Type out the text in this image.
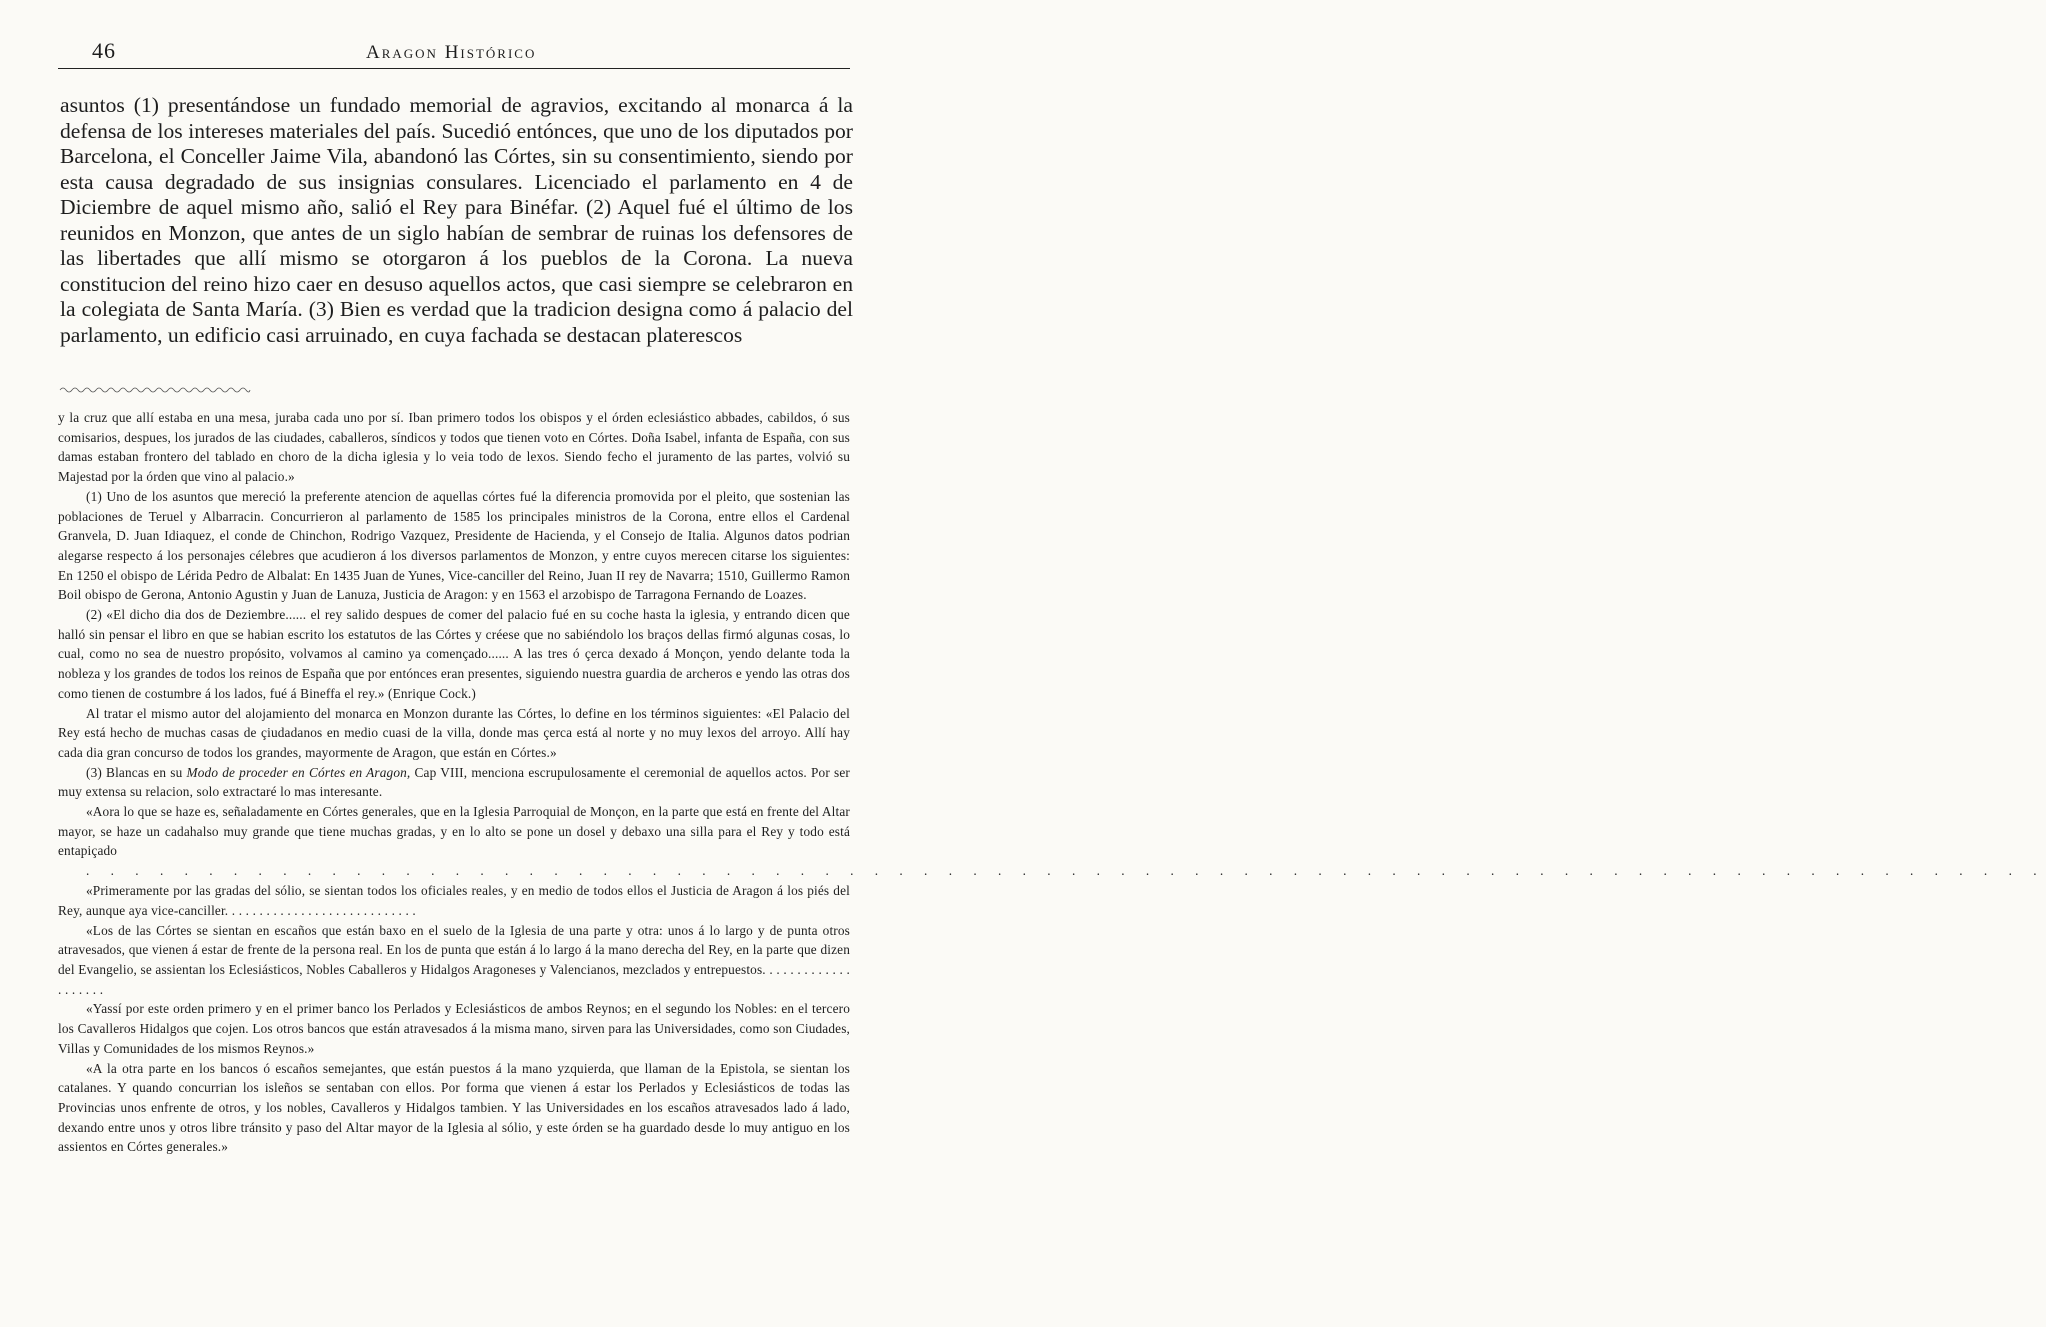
46	Aragon Histórico

asuntos (1) presentándose un fundado memorial de agravios, excitando al monarca á la defensa de los intereses materiales del país. Sucedió entónces, que uno de los diputados por Barcelona, el Conceller Jaime Vila, abandonó las Córtes, sin su consentimiento, siendo por esta causa degradado de sus insignias consulares. Licenciado el parlamento en 4 de Diciembre de aquel mismo año, salió el Rey para Binéfar. (2) Aquel fué el último de los reunidos en Monzon, que antes de un siglo habían de sembrar de ruinas los defensores de las libertades que allí mismo se otorgaron á los pueblos de la Corona. La nueva constitucion del reino hizo caer en desuso aquellos actos, que casi siempre se celebraron en la colegiata de Santa María. (3) Bien es verdad que la tradicion designa como á palacio del parlamento, un edificio casi arruinado, en cuya fachada se destacan platerescos

y la cruz que allí estaba en una mesa, juraba cada uno por sí. Iban primero todos los obispos y el órden eclesiástico abbades, cabildos, ó sus comisarios, despues, los jurados de las ciudades, caballeros, síndicos y todos que tienen voto en Córtes. Doña Isabel, infanta de España, con sus damas estaban frontero del tablado en choro de la dicha iglesia y lo veia todo de lexos. Siendo fecho el juramento de las partes, volvió su Majestad por la órden que vino al palacio.»

(1) Uno de los asuntos que mereció la preferente atencion de aquellas córtes fué la diferencia promovida por el pleito, que sostenian las poblaciones de Teruel y Albarracin. Concurrieron al parlamento de 1585 los principales ministros de la Corona, entre ellos el Cardenal Granvela, D. Juan Idiaquez, el conde de Chinchon, Rodrigo Vazquez, Presidente de Hacienda, y el Consejo de Italia. Algunos datos podrian alegarse respecto á los personajes célebres que acudieron á los diversos parlamentos de Monzon, y entre cuyos merecen citarse los siguientes: En 1250 el obispo de Lérida Pedro de Albalat: En 1435 Juan de Yunes, Vice-canciller del Reino, Juan II rey de Navarra; 1510, Guillermo Ramon Boil obispo de Gerona, Antonio Agustin y Juan de Lanuza, Justicia de Aragon: y en 1563 el arzobispo de Tarragona Fernando de Loazes.

(2) «El dicho dia dos de Deziembre...... el rey salido despues de comer del palacio fué en su coche hasta la iglesia, y entrando dicen que halló sin pensar el libro en que se habian escrito los estatutos de las Córtes y créese que no sabiéndolo los braços dellas firmó algunas cosas, lo cual, como no sea de nuestro propósito, volvamos al camino ya començado...... A las tres ó çerca dexado á Monçon, yendo delante toda la nobleza y los grandes de todos los reinos de España que por entónces eran presentes, siguiendo nuestra guardia de archeros e yendo las otras dos como tienen de costumbre á los lados, fué á Bineffa el rey.» (Enrique Cock.)

Al tratar el mismo autor del alojamiento del monarca en Monzon durante las Córtes, lo define en los términos siguientes: «El Palacio del Rey está hecho de muchas casas de çiudadanos en medio cuasi de la villa, donde mas çerca está al norte y no muy lexos del arroyo. Allí hay cada dia gran concurso de todos los grandes, mayormente de Aragon, que están en Córtes.»

(3) Blancas en su Modo de proceder en Córtes en Aragon, Cap VIII, menciona escrupulosamente el ceremonial de aquellos actos. Por ser muy extensa su relacion, solo extractaré lo mas interesante.

«Aora lo que se haze es, señaladamente en Córtes generales, que en la Iglesia Parroquial de Monçon, en la parte que está en frente del Altar mayor, se haze un cadahalso muy grande que tiene muchas gradas, y en lo alto se pone un dosel y debaxo una silla para el Rey y todo está entapiçado

. . . . . . . . . . . . . . . . . . . . . . . . . . . . . . . . . . . . . . . . . . . . . . . . . . . . . . . . . . . . . . . . . . . . . . . . . . . . . . . .

«Primeramente por las gradas del sólio, se sientan todos los oficiales reales, y en medio de todos ellos el Justicia de Aragon á los piés del Rey, aunque aya vice-canciller. . . . . . . . . . . . . . . . . . . . . . . . . . . .

«Los de las Córtes se sientan en escaños que están baxo en el suelo de la Iglesia de una parte y otra: unos á lo largo y de punta otros atravesados, que vienen á estar de frente de la persona real. En los de punta que están á lo largo á la mano derecha del Rey, en la parte que dizen del Evangelio, se assientan los Eclesiásticos, Nobles Caballeros y Hidalgos Aragoneses y Valencianos, mezclados y entrepuestos. . . . . . . . . . . . . . . . . . . .

«Yassí por este orden primero y en el primer banco los Perlados y Eclesiásticos de ambos Reynos; en el segundo los Nobles: en el tercero los Cavalleros Hidalgos que cojen. Los otros bancos que están atravesados á la misma mano, sirven para las Universidades, como son Ciudades, Villas y Comunidades de los mismos Reynos.»

«A la otra parte en los bancos ó escaños semejantes, que están puestos á la mano yzquierda, que llaman de la Epistola, se sientan los catalanes. Y quando concurrian los isleños se sentaban con ellos. Por forma que vienen á estar los Perlados y Eclesiásticos de todas las Provincias unos enfrente de otros, y los nobles, Cavalleros y Hidalgos tambien. Y las Universidades en los escaños atravesados lado á lado, dexando entre unos y otros libre tránsito y paso del Altar mayor de la Iglesia al sólio, y este órden se ha guardado desde lo muy antiguo en los assientos en Córtes generales.»
